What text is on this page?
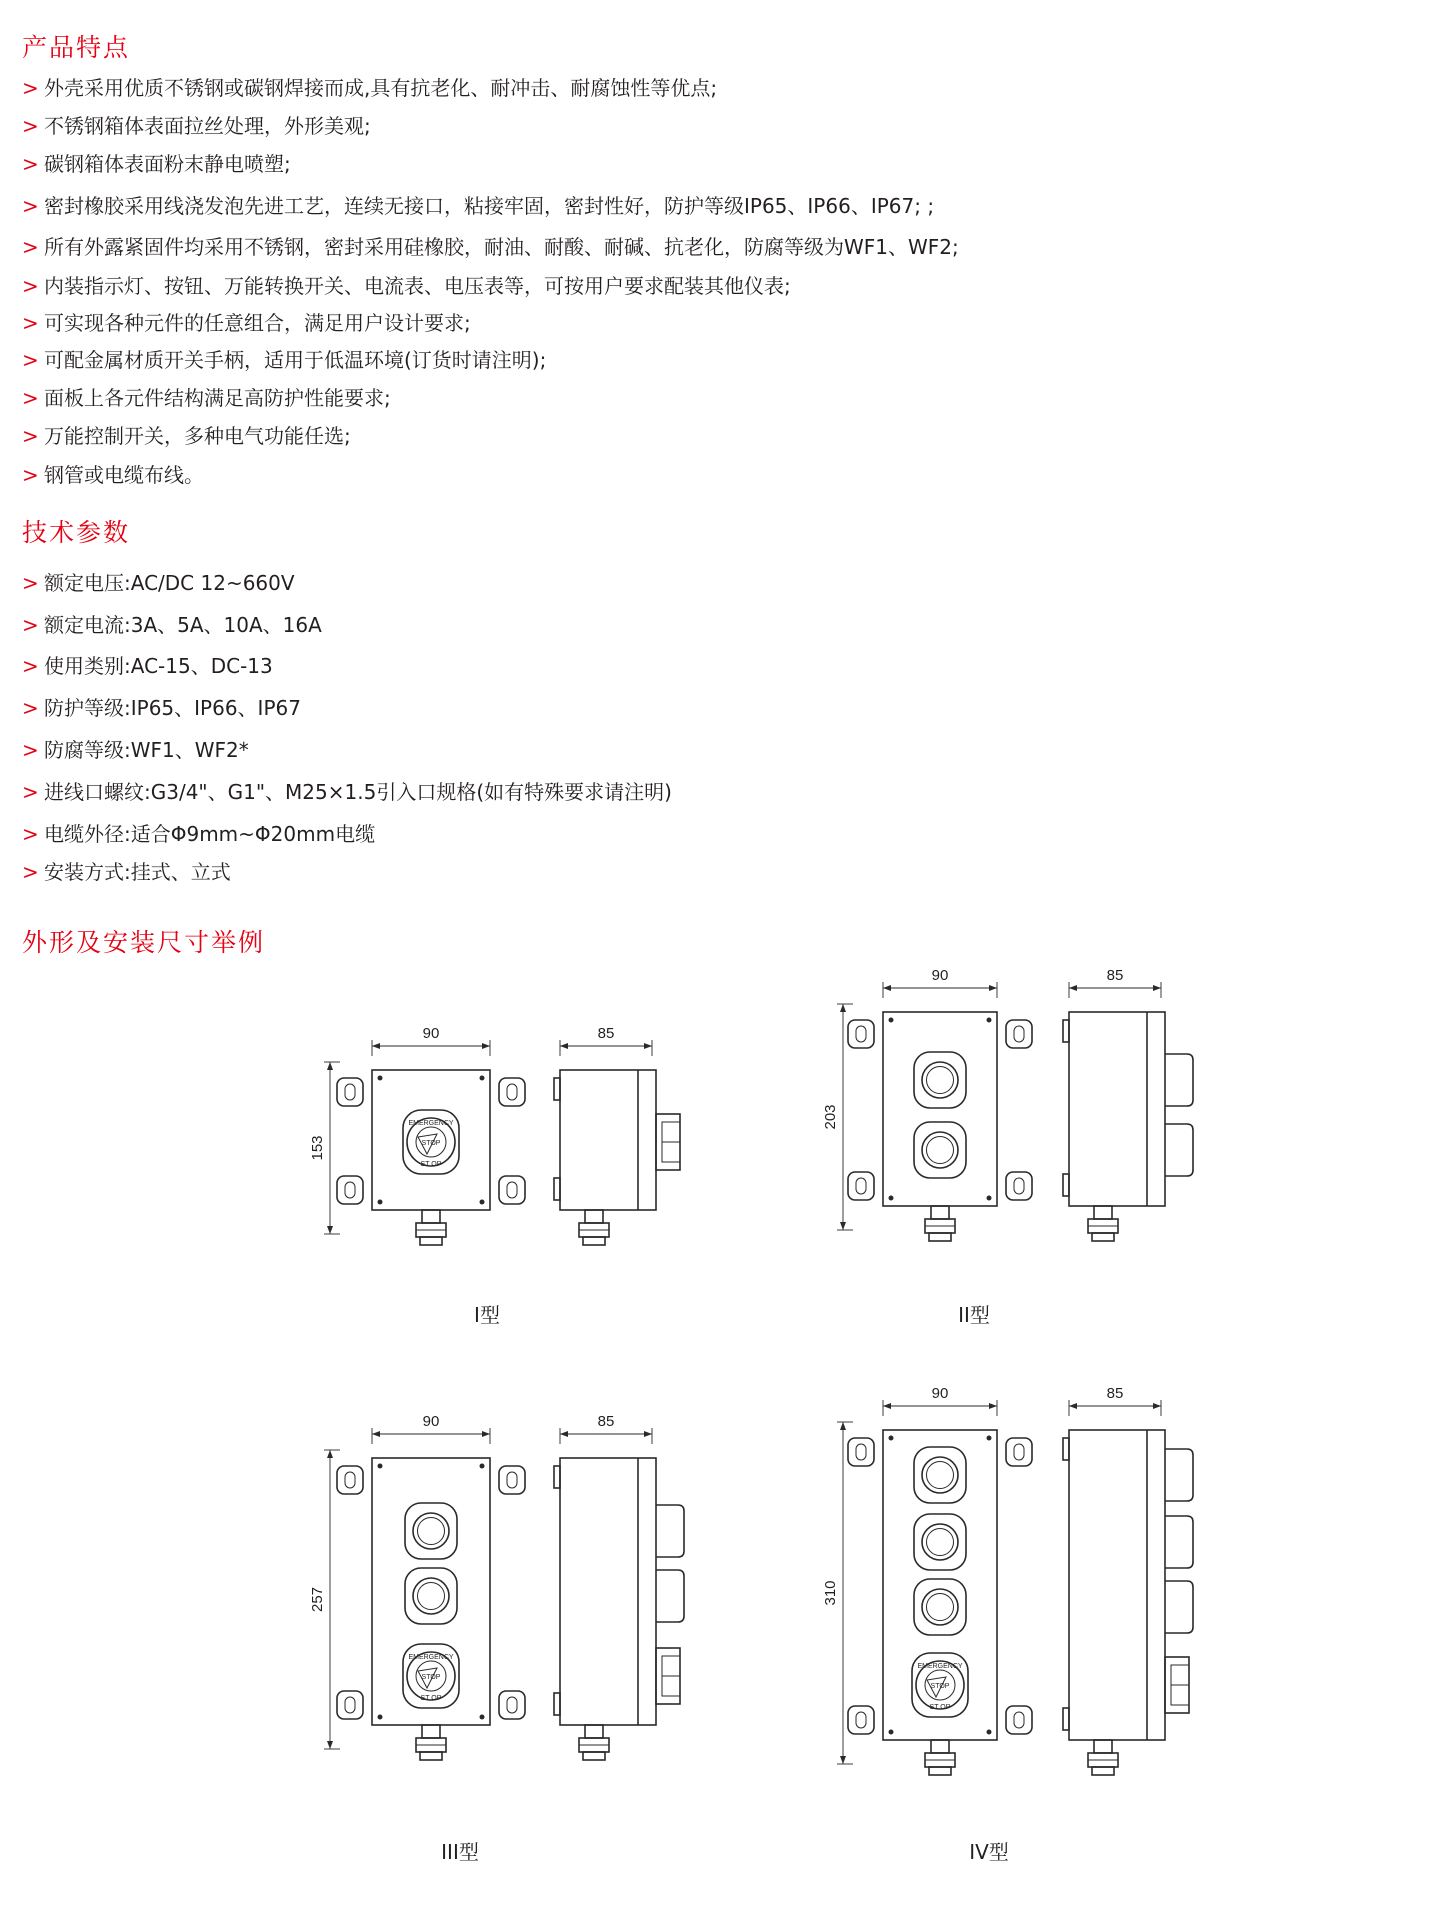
产品特点
> 外壳采用优质不锈钢或碳钢焊接而成,具有抗老化、耐冲击、耐腐蚀性等优点;
> 不锈钢箱体表面拉丝处理，外形美观;
> 碳钢箱体表面粉末静电喷塑;
> 密封橡胶采用线浇发泡先进工艺，连续无接口，粘接牢固，密封性好，防护等级IP65、IP66、IP67; ;
> 所有外露紧固件均采用不锈钢，密封采用硅橡胶，耐油、耐酸、耐碱、抗老化，防腐等级为WF1、WF2;
> 内装指示灯、按钮、万能转换开关、电流表、电压表等，可按用户要求配装其他仪表;
> 可实现各种元件的任意组合，满足用户设计要求;
> 可配金属材质开关手柄，适用于低温环境(订货时请注明);
> 面板上各元件结构满足高防护性能要求;
> 万能控制开关，多种电气功能任选;
> 钢管或电缆布线。
技术参数
> 额定电压:AC/DC 12~660V
> 额定电流:3A、5A、10A、16A
> 使用类别:AC-15、DC-13
> 防护等级:IP65、IP66、IP67
> 防腐等级:WF1、WF2*
> 进线口螺纹:G3/4"、G1"、M25×1.5引入口规格(如有特殊要求请注明)
> 电缆外径:适合Φ9mm~Φ20mm电缆
> 安装方式:挂式、立式
外形及安装尺寸举例
EMERGENCY
STOP
ST OP
90
153
85
90
203
85
EMERGENCY
STOP
ST OP
90
257
85
EMERGENCY
STOP
ST OP
90
310
85
I型	II型
III型	IV型
